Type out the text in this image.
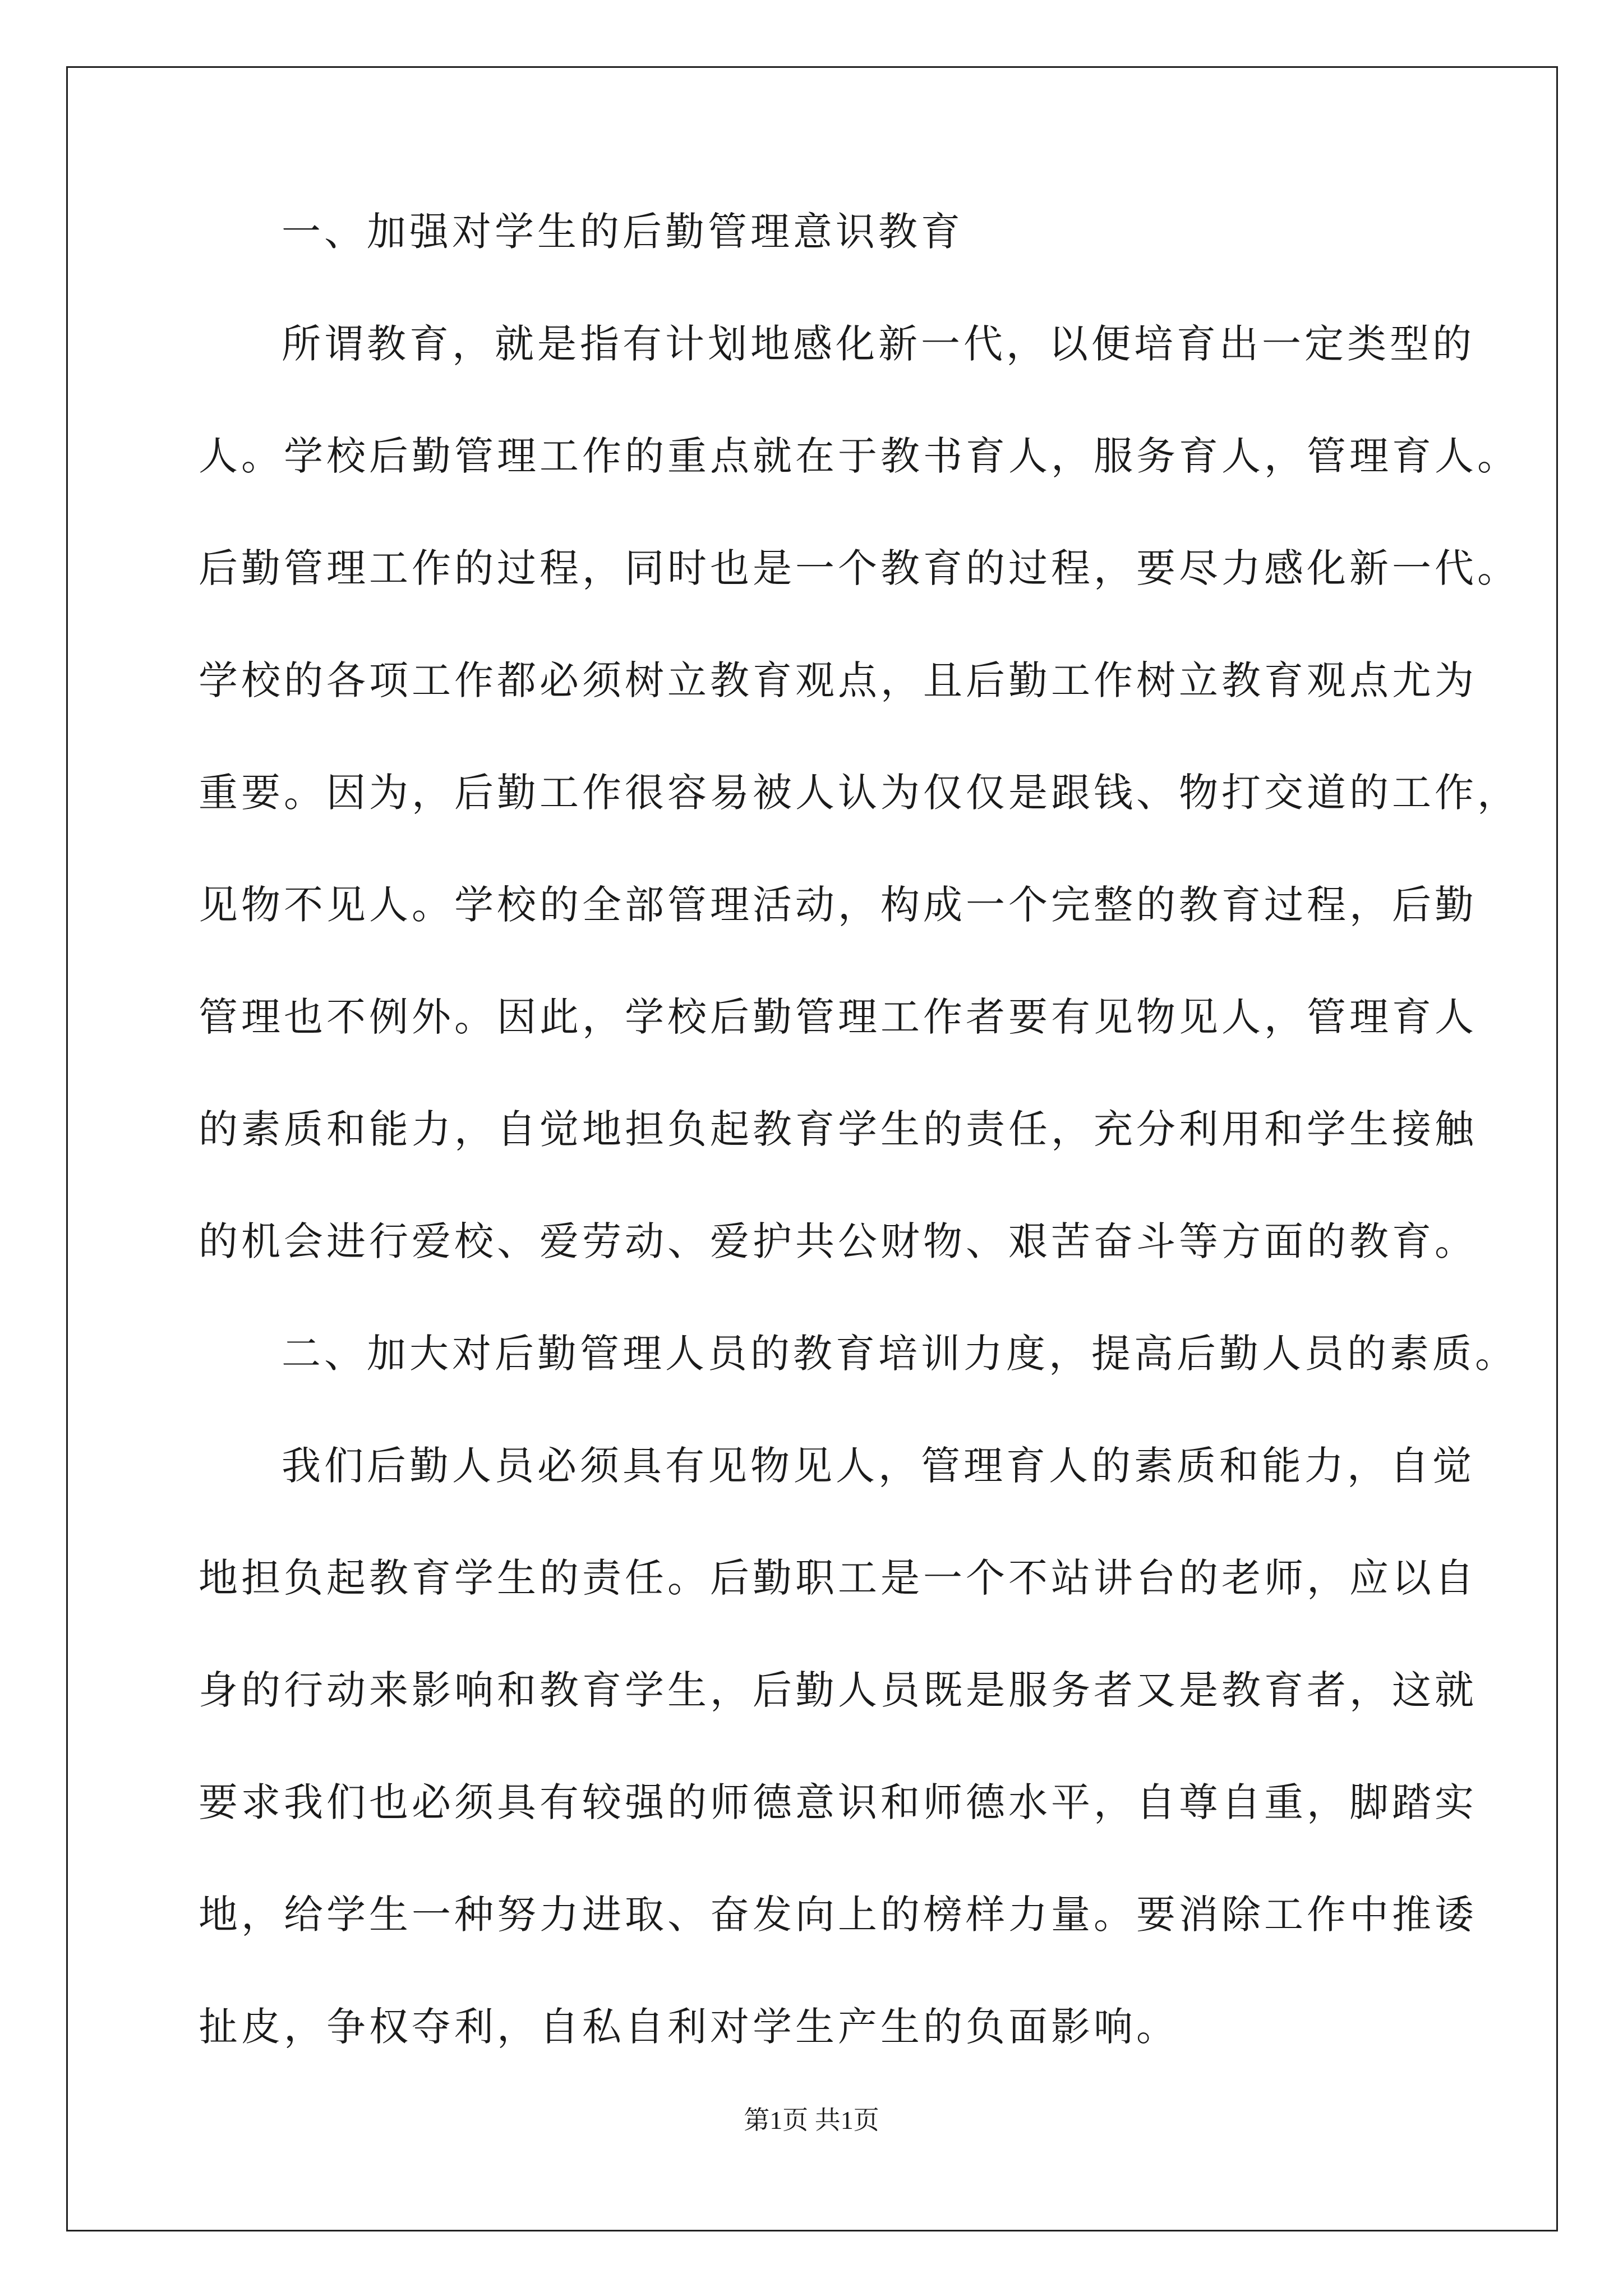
一、加强对学生的后勤管理意识教育
所谓教育，就是指有计划地感化新一代，以便培育出一定类型的
人。学校后勤管理工作的重点就在于教书育人，服务育人，管理育人。
后勤管理工作的过程，同时也是一个教育的过程，要尽力感化新一代。
学校的各项工作都必须树立教育观点，且后勤工作树立教育观点尤为
重要。因为，后勤工作很容易被人认为仅仅是跟钱、物打交道的工作，
见物不见人。学校的全部管理活动，构成一个完整的教育过程，后勤
管理也不例外。因此，学校后勤管理工作者要有见物见人，管理育人
的素质和能力，自觉地担负起教育学生的责任，充分利用和学生接触
的机会进行爱校、爱劳动、爱护共公财物、艰苦奋斗等方面的教育。
二、加大对后勤管理人员的教育培训力度，提高后勤人员的素质。
我们后勤人员必须具有见物见人，管理育人的素质和能力，自觉
地担负起教育学生的责任。后勤职工是一个不站讲台的老师，应以自
身的行动来影响和教育学生，后勤人员既是服务者又是教育者，这就
要求我们也必须具有较强的师德意识和师德水平，自尊自重，脚踏实
地，给学生一种努力进取、奋发向上的榜样力量。要消除工作中推诿
扯皮，争权夺利，自私自利对学生产生的负面影响。
第1页 共1页
